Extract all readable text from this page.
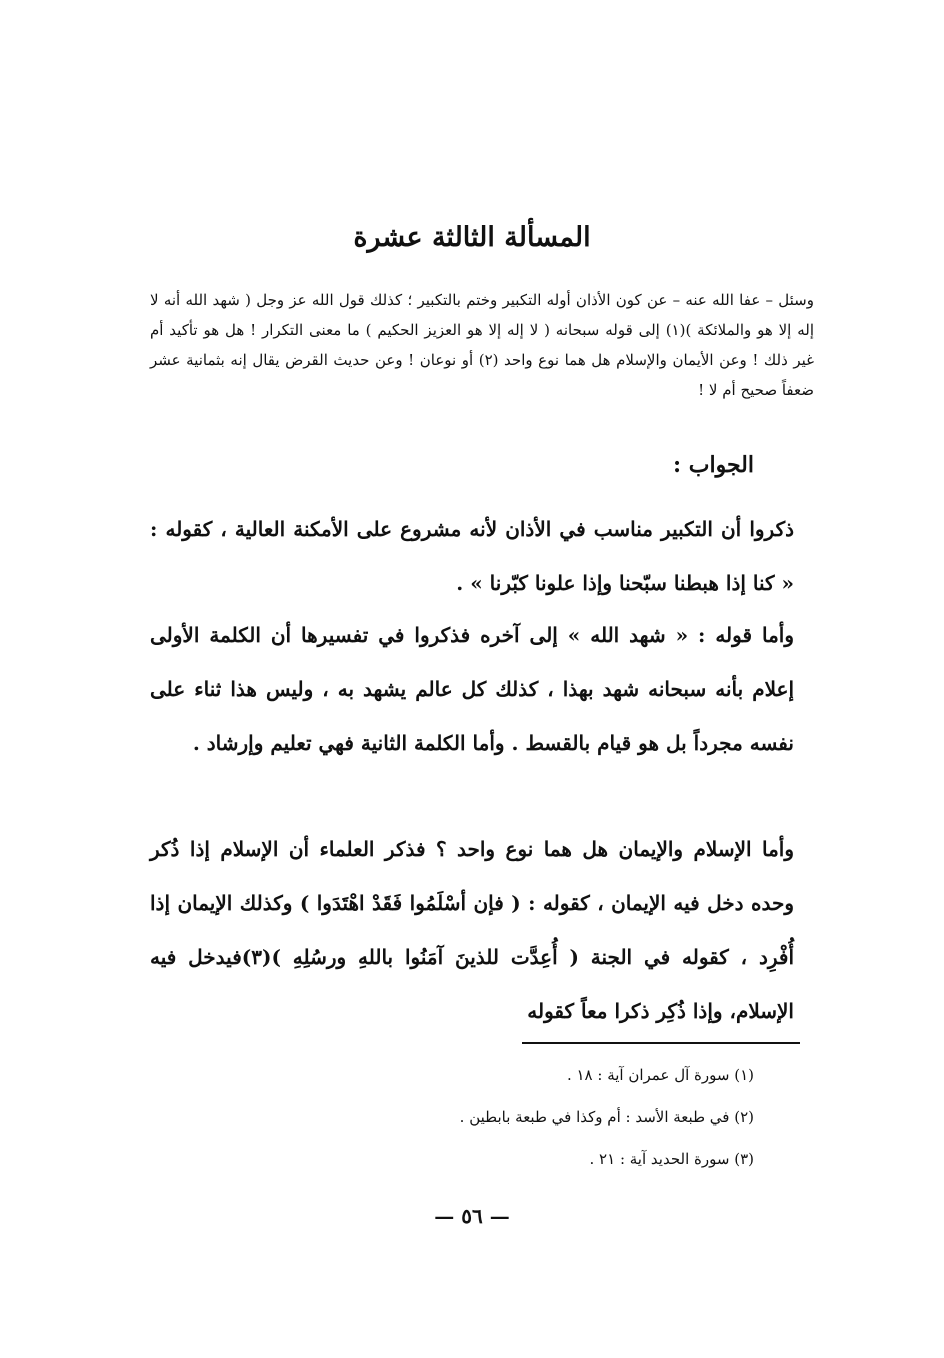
المسألة الثالثة عشرة

وسئل – عفا الله عنه – عن كون الأذان أوله التكبير وختم بالتكبير ؛ كذلك قول الله عز وجل ( شهد الله أنه لا إله إلا هو والملائكة )(١) إلى قوله سبحانه ( لا إله إلا هو العزيز الحكيم ) ما معنى التكرار ! هل هو تأكيد أم غير ذلك ! وعن الأيمان والإسلام هل هما نوع واحد (٢) أو نوعان ! وعن حديث القرض يقال إنه بثمانية عشر ضعفاً صحيح أم لا !

الجواب :

ذكروا أن التكبير مناسب في الأذان لأنه مشروع على الأمكنة العالية ، كقوله : « كنا إذا هبطنا سبّحنا وإذا علونا كبّرنا » .

وأما قوله : « شهد الله » إلى آخره فذكروا في تفسيرها أن الكلمة الأولى إعلام بأنه سبحانه شهد بهذا ، كذلك كل عالم يشهد به ، وليس هذا ثناء على نفسه مجرداً بل هو قيام بالقسط . وأما الكلمة الثانية فهي تعليم وإرشاد .

وأما الإسلام والإيمان هل هما نوع واحد ؟ فذكر العلماء أن الإسلام إذا ذُكر وحده دخل فيه الإيمان ، كقوله : ( فإن أسْلَمُوا فَقَدْ اهْتَدَوا ) وكذلك الإيمان إذا أُفْرِد ، كقوله في الجنة ( أُعِدَّت للذينَ آمَنُوا باللهِ ورسُلِهِ )(٣)فيدخل فيه الإسلام، وإذا ذُكِر ذكرا معاً كقوله

(١) سورة آل عمران آية : ١٨ .
(٢) في طبعة الأسد : أم وكذا في طبعة بابطين .
(٣) سورة الحديد آية : ٢١ .

— ٥٦ —
